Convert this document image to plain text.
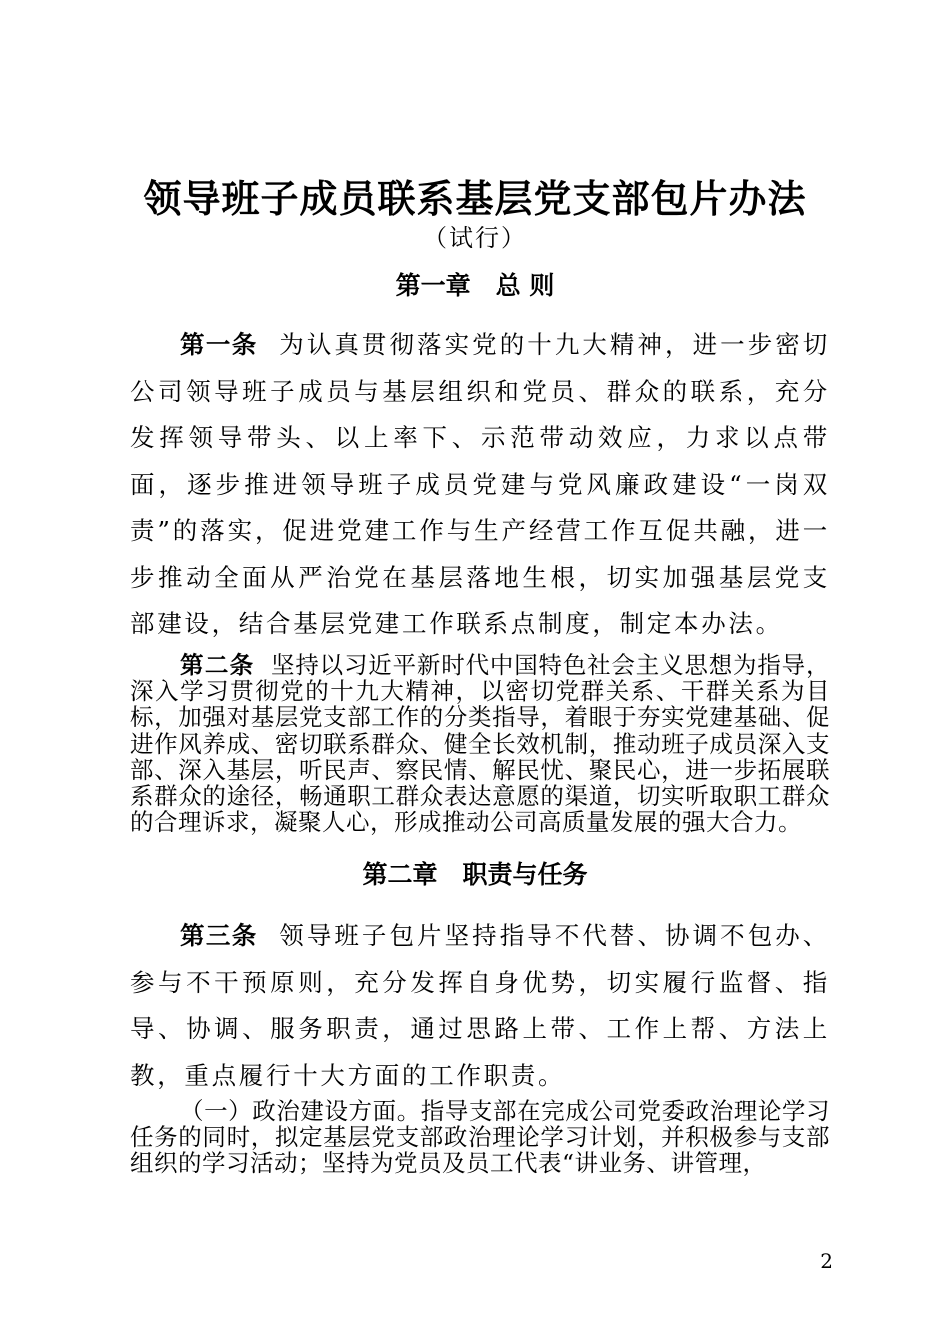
领导班子成员联系基层党支部包片办法
（试行）
第一章　总 则

第一条 为认真贯彻落实党的十九大精神，进一步密切公司领导班子成员与基层组织和党员、群众的联系，充分发挥领导带头、以上率下、示范带动效应，力求以点带面，逐步推进领导班子成员党建与党风廉政建设“一岗双责”的落实，促进党建工作与生产经营工作互促共融，进一步推动全面从严治党在基层落地生根，切实加强基层党支部建设，结合基层党建工作联系点制度，制定本办法。

第二条 坚持以习近平新时代中国特色社会主义思想为指导，深入学习贯彻党的十九大精神，以密切党群关系、干群关系为目标，加强对基层党支部工作的分类指导，着眼于夯实党建基础、促进作风养成、密切联系群众、健全长效机制，推动班子成员深入支部、深入基层，听民声、察民情、解民忧、聚民心，进一步拓展联系群众的途径，畅通职工群众表达意愿的渠道，切实听取职工群众的合理诉求，凝聚人心，形成推动公司高质量发展的强大合力。

第二章　职责与任务

第三条 领导班子包片坚持指导不代替、协调不包办、参与不干预原则，充分发挥自身优势，切实履行监督、指导、协调、服务职责，通过思路上带、工作上帮、方法上教，重点履行十大方面的工作职责。

（一）政治建设方面。指导支部在完成公司党委政治理论学习任务的同时，拟定基层党支部政治理论学习计划，并积极参与支部组织的学习活动；坚持为党员及员工代表“讲业务、讲管理，

2
